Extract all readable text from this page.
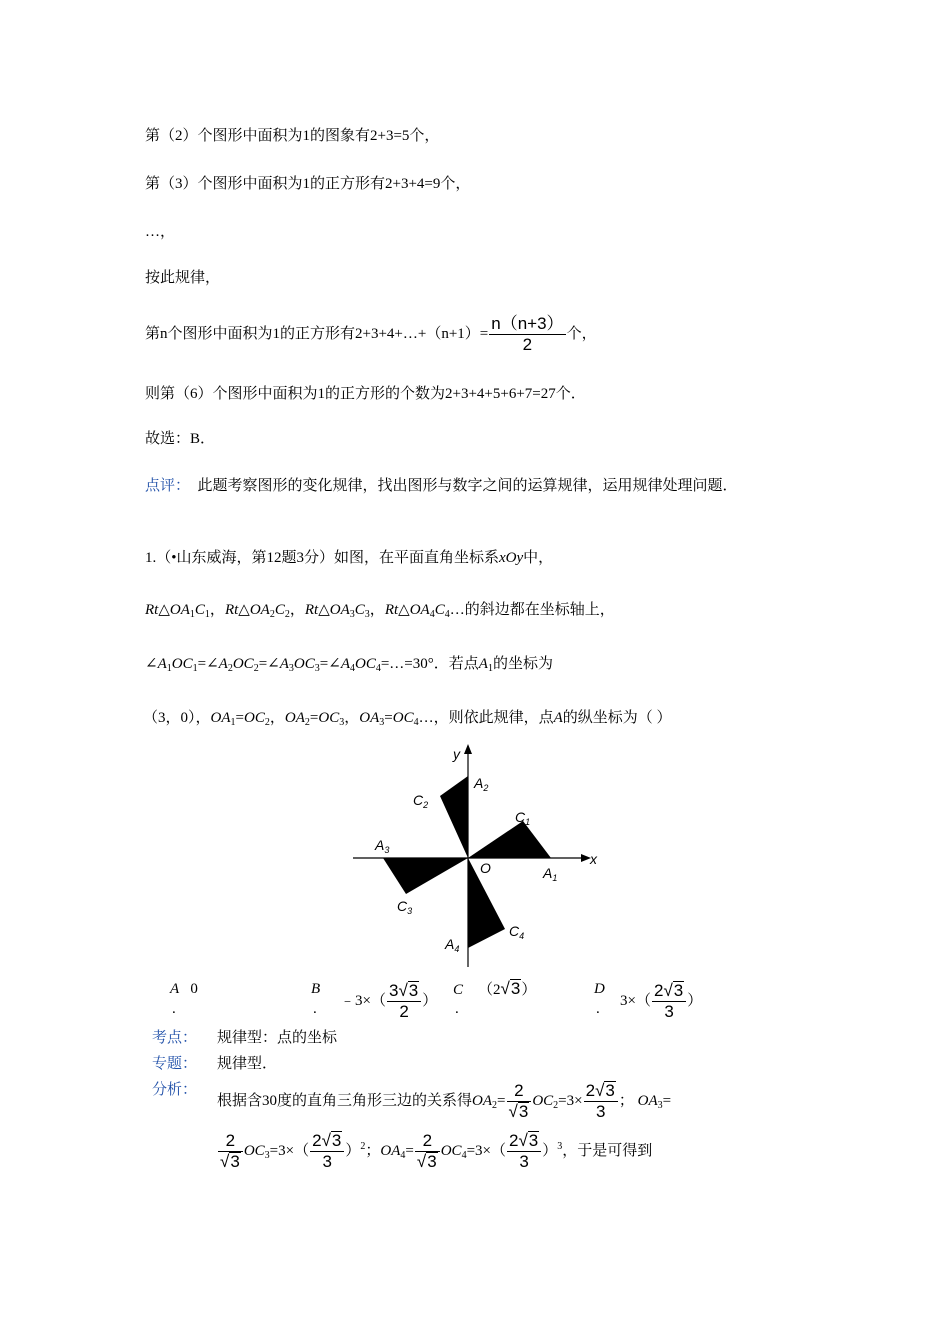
第（2）个图形中面积为1的图象有2+3=5个，
第（3）个图形中面积为1的正方形有2+3+4=9个，
…，
按此规律，
第n个图形中面积为1的正方形有2+3+4+…+（n+1）= $\frac{n(n+3)}{2}$ 个，
则第（6）个图形中面积为1的正方形的个数为2+3+4+5+6+7=27个．
故选：B．
点评： 此题考察图形的变化规律，找出图形与数字之间的运算规律，运用规律处理问题．
1.（•山东威海，第12题3分）如图，在平面直角坐标系xOy中，
$Rt\triangle OA_1C_1$，$Rt\triangle OA_2C_2$，$Rt\triangle OA_3C_3$，$Rt\triangle OA_4C_4\dots$的斜边都在坐标轴上，
$\angle A_1OC_1=\angle A_2OC_2=\angle A_3OC_3=\angle A_4OC_4=\dots=30^\circ$．若点$A_1$的坐标为
（3，0），$OA_1=OC_2$，$OA_2=OC_3$，$OA_3=OC_4\dots$，则依此规律，点A的纵坐标为（ ）
y
x
O	$A_1$
$A_2$
$A_3$
$A_4$
$C_1$
$C_2$
$C_3$
$C_4$
A 0
.
B
. ﹣3×（ $\frac{3√3}{2}$ ）
C （2√3）
.
D
. $3\times( \frac{2√3}{3}$ ）
考点： 规律型：点的坐标
专题： 规律型．
分析：
根据含30度的直角三角形三边的关系得$OA_2= \frac{2}{√3} OC_2=3\times \frac{2√3}{3}$ ； $OA_3=$
$\frac{2}{√3} OC_3=3\times( \frac{2√3}{3} )^2$；$OA_4= \frac{2}{√3} OC_4=3\times( \frac{2√3}{3} )^3$，于是可得到
